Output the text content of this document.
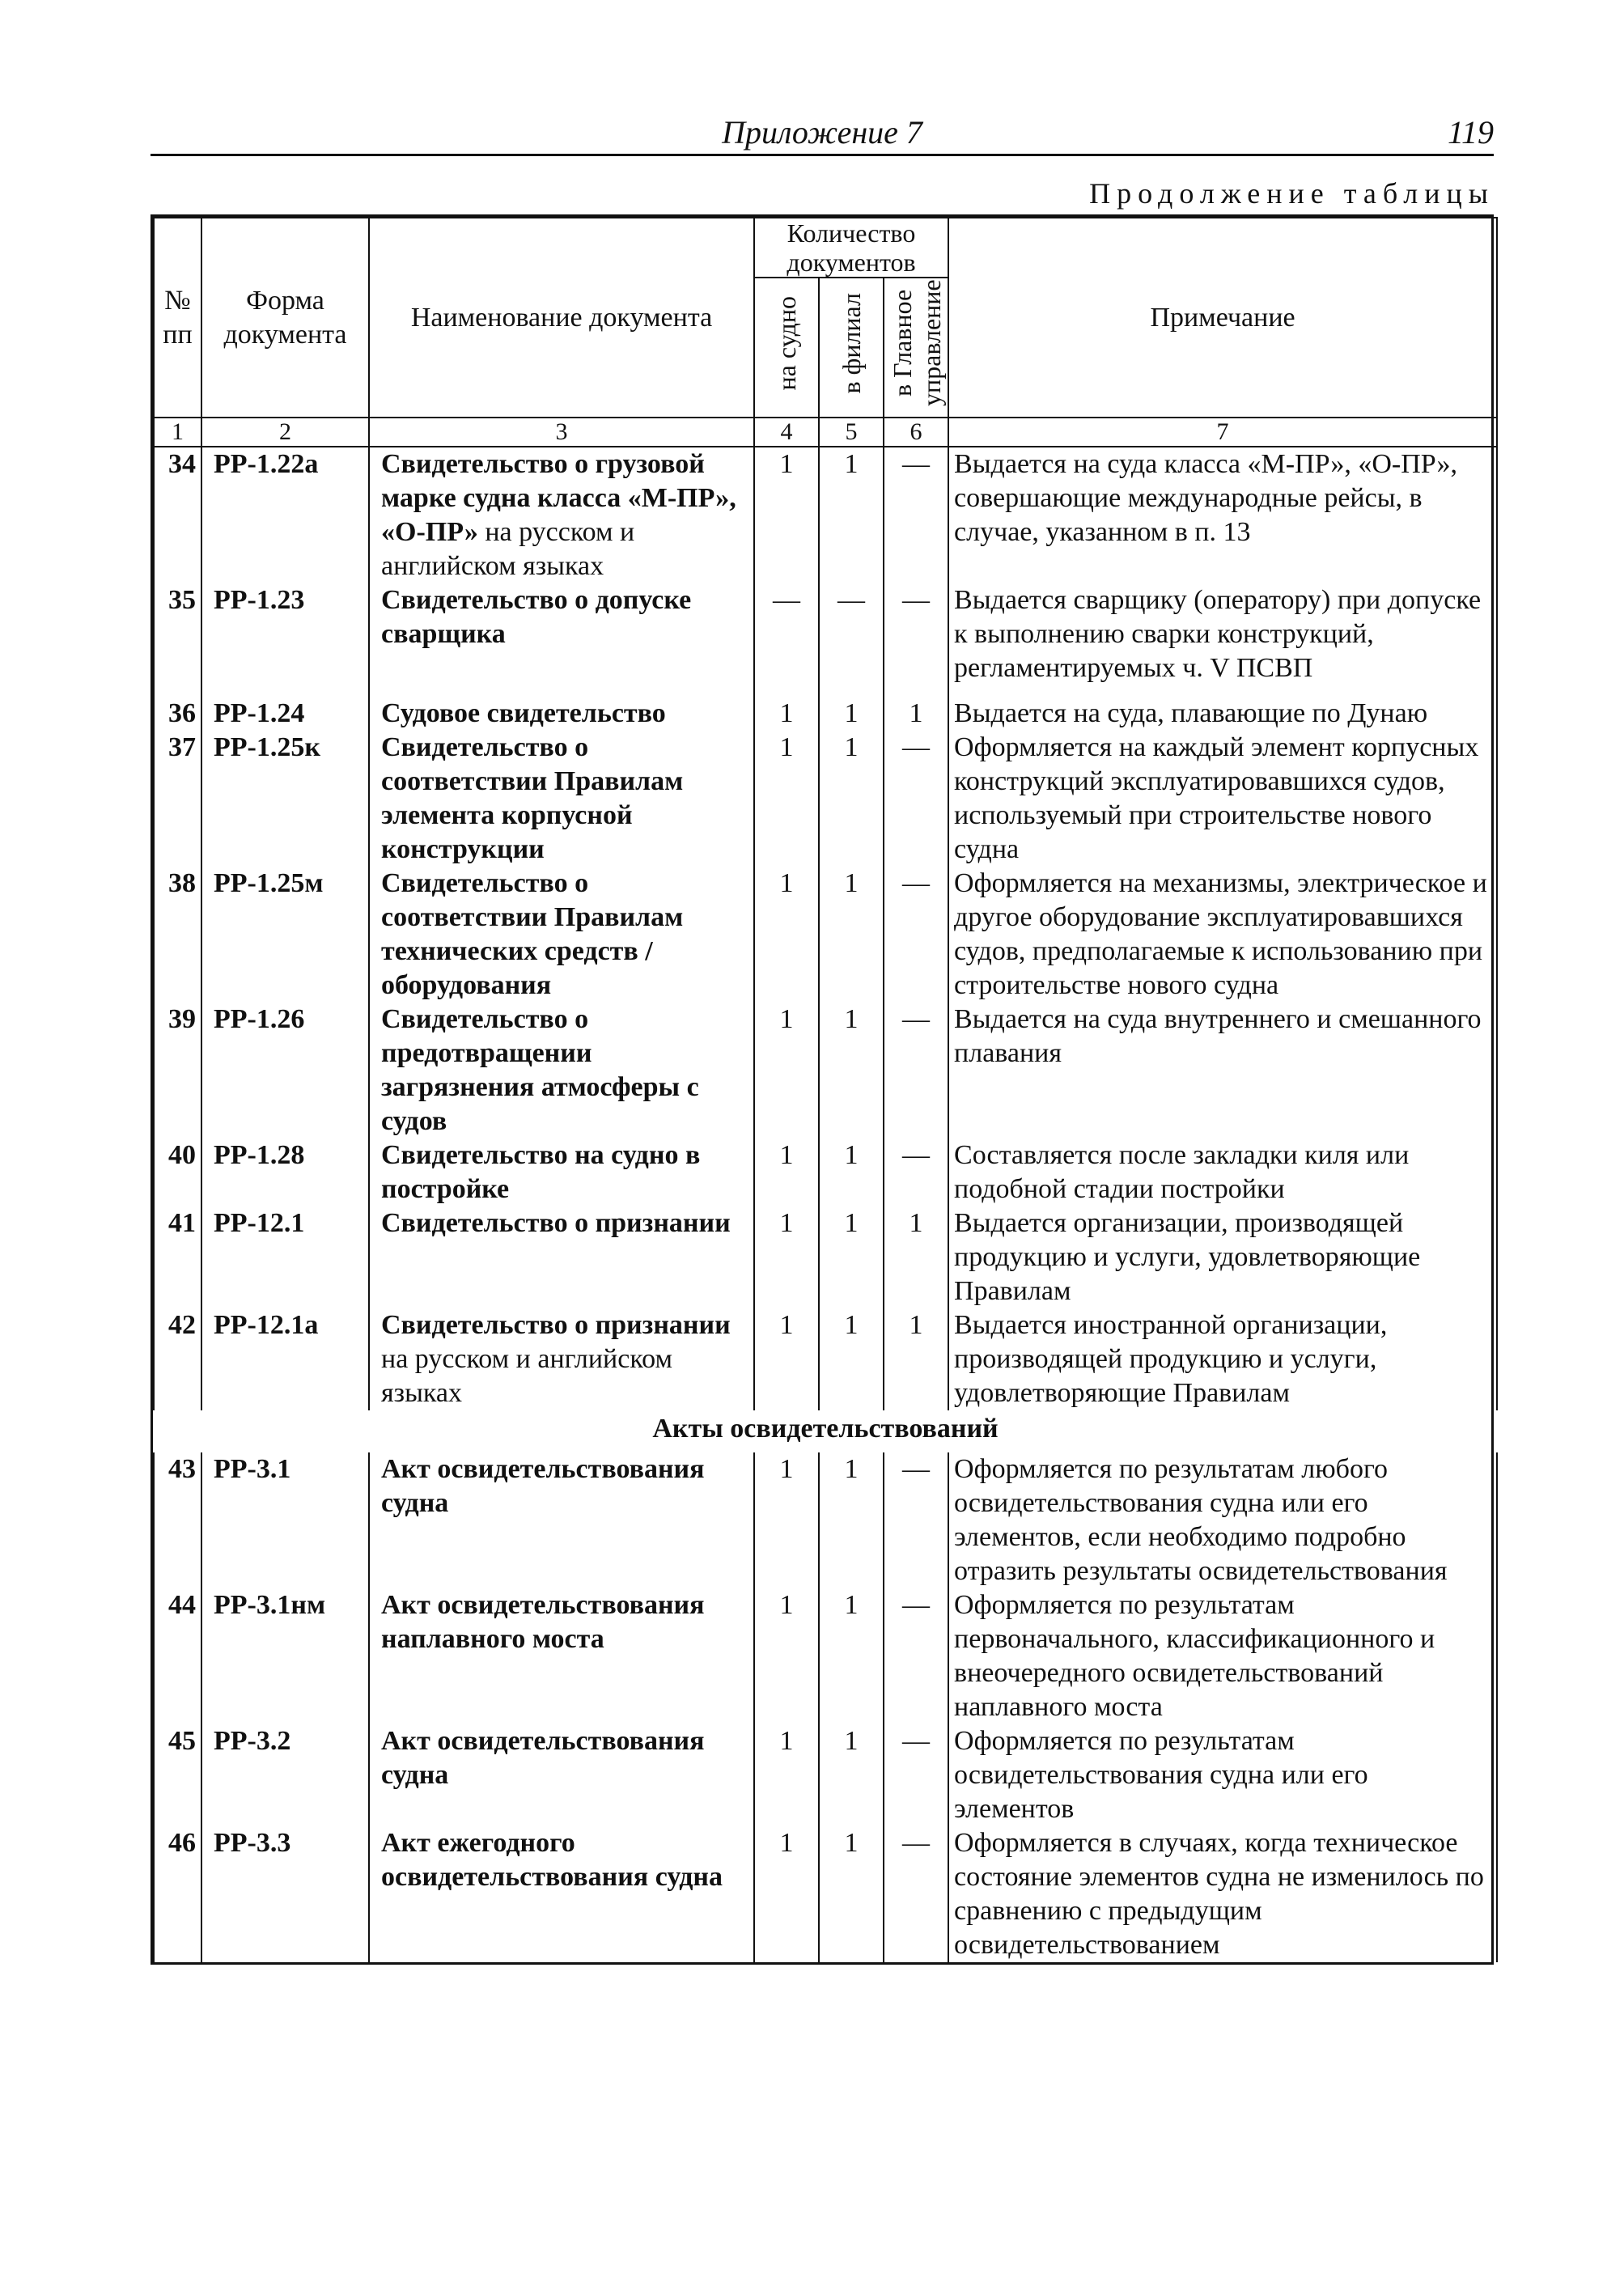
Приложение 7	119
Продолжение таблицы
№ пп	Форма документа	Наименование документа	Количество документов			Примечание
			на судно	в филиал	в Главное управление	
1	2	3	4	5	6	7
34	РР-1.22а	Свидетельство о грузовой марке судна класса «М-ПР», «О-ПР» на русском и английском языках	1	1	—	Выдается на суда класса «М-ПР», «О-ПР», совершающие международные рейсы, в случае, указанном в п. 13
35	РР-1.23	Свидетельство о допуске сварщика	—	—	—	Выдается сварщику (оператору) при допуске к выполнению сварки конструкций, регламентируемых ч. V ПСВП

36	РР-1.24	Судовое свидетельство	1	1	1	Выдается на суда, плавающие по Дунаю
37	РР-1.25к	Свидетельство о соответствии Правилам элемента корпусной конструкции	1	1	—	Оформляется на каждый элемент корпусных конструкций эксплуатировавшихся судов, используемый при строительстве нового судна
38	РР-1.25м	Свидетельство о соответствии Правилам технических средств / оборудования	1	1	—	Оформляется на механизмы, электрическое и другое оборудование эксплуатировавшихся судов, предполагаемые к использованию при строительстве нового судна
39	РР-1.26	Свидетельство о предотвращении загрязнения атмосферы с судов	1	1	—	Выдается на суда внутреннего и смешанного плавания
40	РР-1.28	Свидетельство на судно в постройке	1	1	—	Составляется после закладки киля или подобной стадии постройки
41	РР-12.1	Свидетельство о признании	1	1	1	Выдается организации, производящей продукцию и услуги, удовлетворяющие Правилам
42	РР-12.1а	Свидетельство о признании на русском и английском языках	1	1	1	Выдается иностранной организации, производящей продукцию и услуги, удовлетворяющие Правилам
Акты освидетельствований						
43	РР-3.1	Акт освидетельствования судна	1	1	—	Оформляется по результатам любого освидетельствования судна или его элементов, если необходимо подробно отразить результаты освидетельствования
44	РР-3.1нм	Акт освидетельствования наплавного моста	1	1	—	Оформляется по результатам первоначального, классификационного и внеочередного освидетельствований наплавного моста
45	РР-3.2	Акт освидетельствования судна	1	1	—	Оформляется по результатам освидетельствования судна или его элементов
46	РР-3.3	Акт ежегодного освидетельствования судна	1	1	—	Оформляется в случаях, когда техническое состояние элементов судна не изменилось по сравнению с предыдущим освидетельствованием
